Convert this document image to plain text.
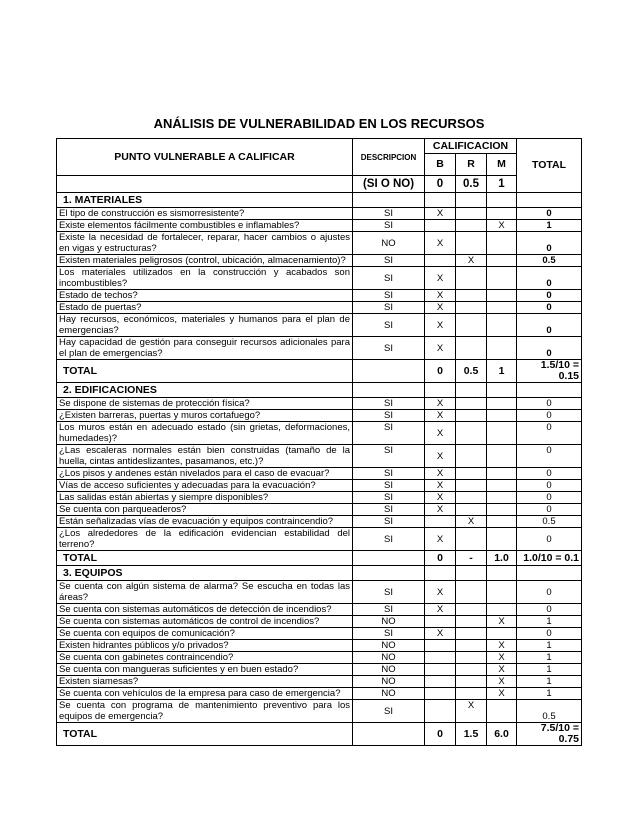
ANÁLISIS DE VULNERABILIDAD EN LOS RECURSOS
PUNTO VULNERABLE A CALIFICAR	DESCRIPCION	CALIFICACION			TOTAL
		B	R	M	
	(SI O NO)	0	0.5	1	
1. MATERIALES					
El tipo de construcción es sismorresistente?	SI	X			0
Existe elementos fácilmente combustibles e inflamables?	SI			X	1
Existe la necesidad de fortalecer, reparar, hacer cambios o ajustes en vigas y estructuras?	NO	X			0
Existen materiales peligrosos (control, ubicación, almacenamiento)?	SI		X		0.5
Los materiales utilizados en la construcción y acabados son incombustibles?	SI	X			0
Estado de techos?	SI	X			0
Estado de puertas?	SI	X			0
Hay recursos, económicos, materiales y humanos para el plan de emergencias?	SI	X			0
Hay capacidad de gestión para conseguir recursos adicionales para el plan de emergencias?	SI	X			0
TOTAL		0	0.5	1	1.5/10 = 0.15
2. EDIFICACIONES					
Se dispone de sistemas de protección física?	SI	X			0
¿Existen barreras, puertas y muros cortafuego?	SI	X			0
Los muros están en adecuado estado (sin grietas, deformaciones, humedades)?	SI	X			0
¿Las escaleras normales están bien construidas (tamaño de la huella, cintas antideslizantes, pasamanos, etc.)?	SI	X			0
¿Los pisos y andenes están nivelados para el caso de evacuar?	SI	X			0
Vías de acceso suficientes y adecuadas para la evacuación?	SI	X			0
Las salidas están abiertas y siempre disponibles?	SI	X			0
Se cuenta con parqueaderos?	SI	X			0
Están señalizadas vías de evacuación y equipos contraincendio?	SI		X		0.5
¿Los alrededores de la edificación evidencian estabilidad del terreno?	SI	X			0
TOTAL		0	-	1.0	1.0/10 = 0.1
3. EQUIPOS					
Se cuenta con algún sistema de alarma? Se escucha en todas las áreas?	SI	X			0
Se cuenta con sistemas automáticos de detección de incendios?	SI	X			0
Se cuenta con sistemas automáticos de control de incendios?	NO			X	1
Se cuenta con equipos de comunicación?	SI	X			0
Existen hidrantes públicos y/o privados?	NO			X	1
Se cuenta con gabinetes contraincendio?	NO			X	1
Se cuenta con mangueras suficientes y en buen estado?	NO			X	1
Existen siamesas?	NO			X	1
Se cuenta con vehículos de la empresa para caso de emergencia?	NO			X	1
Se cuenta con programa de mantenimiento preventivo para los equipos de emergencia?	SI		X		0.5
TOTAL		0	1.5	6.0	7.5/10 = 0.75
